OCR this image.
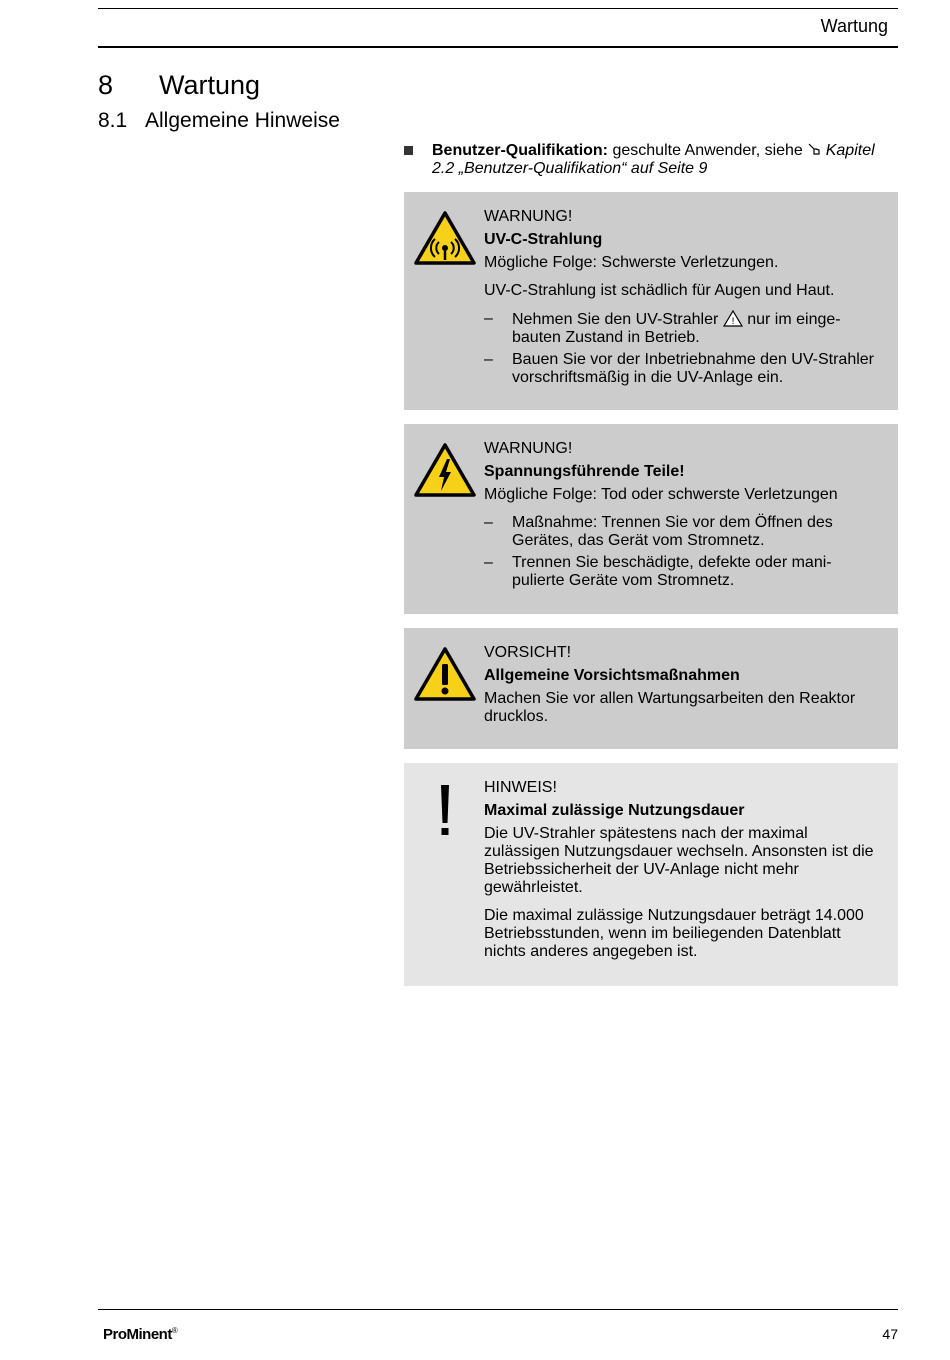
Wartung
8 Wartung
8.1 Allgemeine Hinweise
Benutzer-Qualifikation: geschulte Anwender, siehe Kapitel 2.2 „Benutzer-Qualifikation“ auf Seite 9

WARNUNG!

UV-C-Strahlung

Mögliche Folge: Schwerste Verletzungen.

UV-C-Strahlung ist schädlich für Augen und Haut.

– Nehmen Sie den UV-Strahler ! nur im eingebauten Zustand in Betrieb.
– Bauen Sie vor der Inbetriebnahme den UV-Strahler vorschriftsmäßig in die UV-Anlage ein.

WARNUNG!

Spannungsführende Teile!

Mögliche Folge: Tod oder schwerste Verletzungen

– Maßnahme: Trennen Sie vor dem Öffnen des Gerätes, das Gerät vom Stromnetz.
– Trennen Sie beschädigte, defekte oder manipulierte Geräte vom Stromnetz.

VORSICHT!

Allgemeine Vorsichtsmaßnahmen

Machen Sie vor allen Wartungsarbeiten den Reaktor drucklos.

HINWEIS!

Maximal zulässige Nutzungsdauer

Die UV-Strahler spätestens nach der maximal zulässigen Nutzungsdauer wechseln. Ansonsten ist die Betriebssicherheit der UV-Anlage nicht mehr gewährleistet.

Die maximal zulässige Nutzungsdauer beträgt 14.000 Betriebsstunden, wenn im beiliegenden Datenblatt nichts anderes angegeben ist.

ProMinent®	47
